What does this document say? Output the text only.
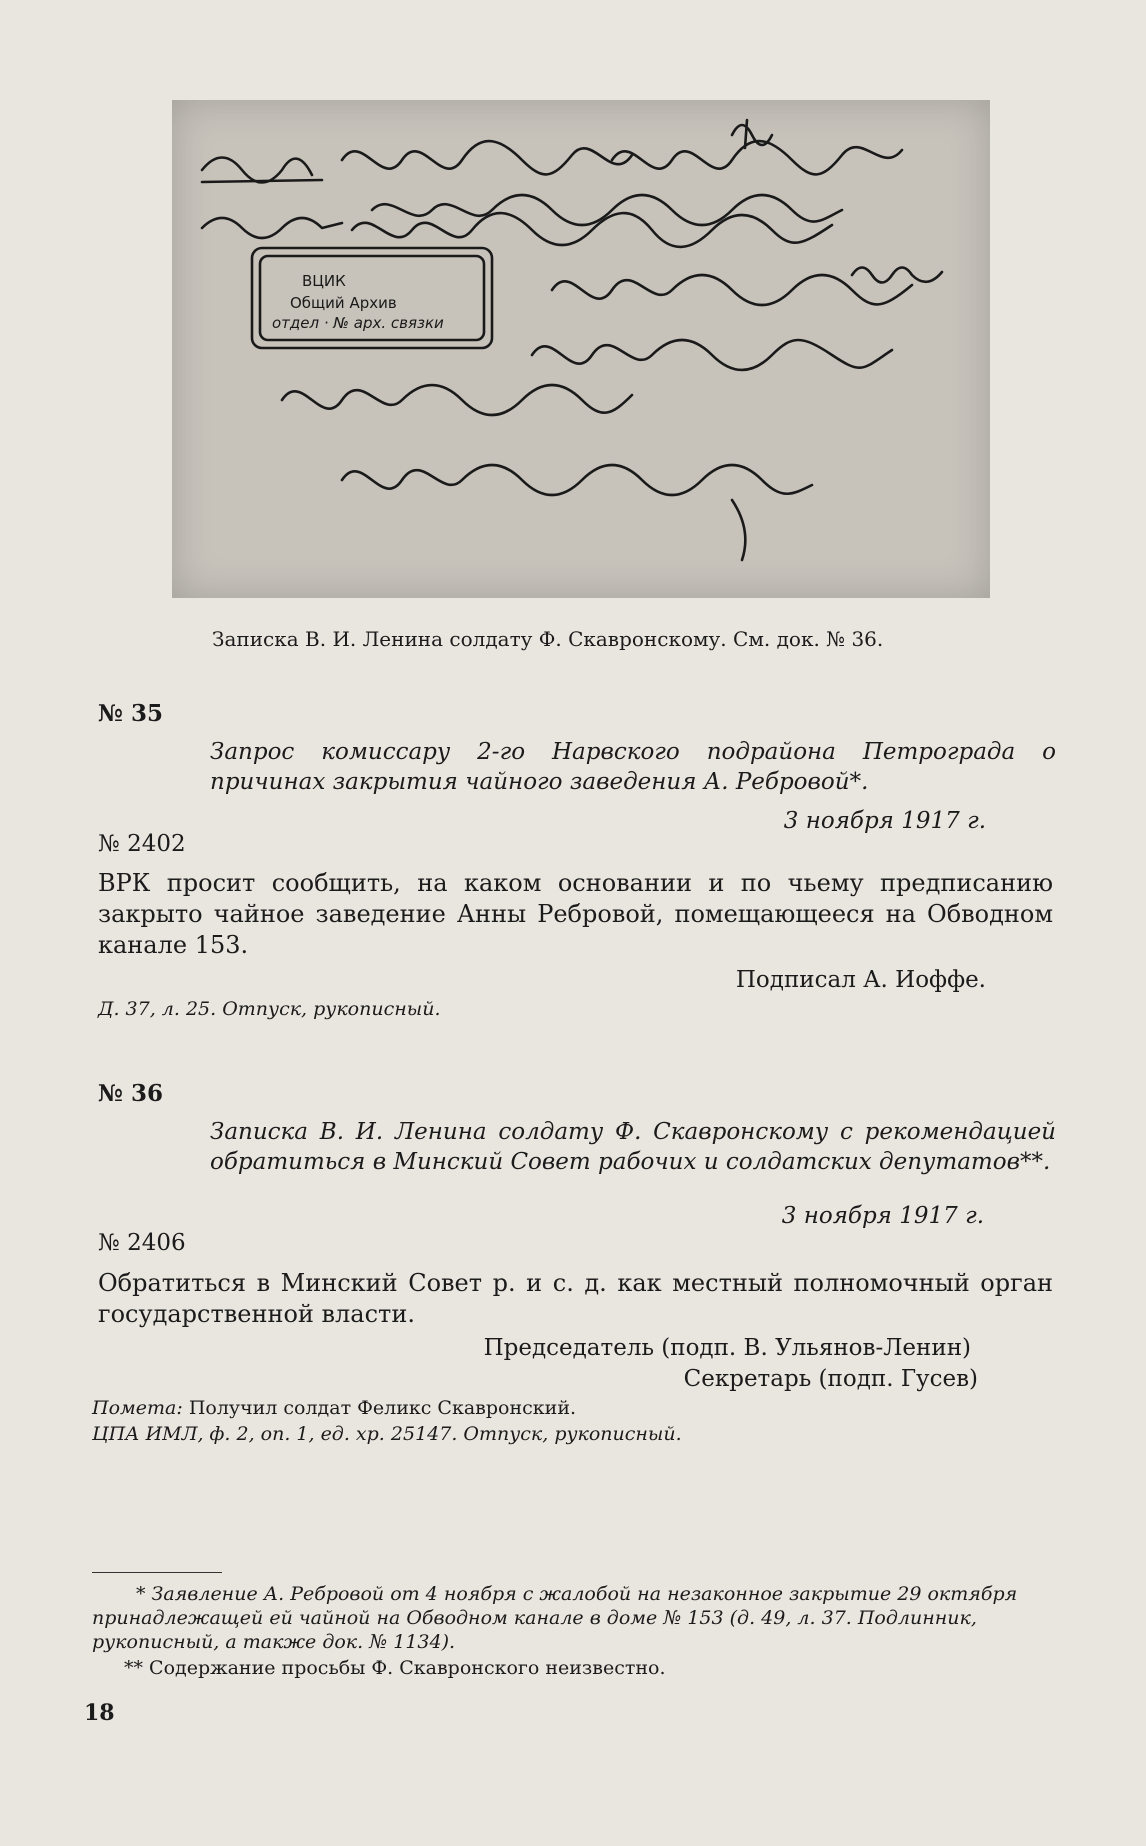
ВЦИК
Общий Архив
отдел · № арх. связки
Записка В. И. Ленина солдату Ф. Скавронскому. См. док. № 36.
№ 35

Запрос комиссару 2-го Нарвского подрайона Петрограда о причинах закрытия чайного заведения А. Ребровой*.

3 ноября 1917 г.
№ 2402

ВРК просит сообщить, на каком основании и по чьему предписанию закрыто чайное заведение Анны Ребровой, помещающееся на Обводном канале 153.

Подписал А. Иоффе.
Д. 37, л. 25. Отпуск, рукописный.
№ 36

Записка В. И. Ленина солдату Ф. Скавронскому с рекомендацией обратиться в Минский Совет рабочих и солдатских депутатов**.

3 ноября 1917 г.
№ 2406

Обратиться в Минский Совет р. и с. д. как местный полномочный орган государственной власти.

Председатель (подп. В. Ульянов-Ленин)
Секретарь (подп. Гусев)
Помета: Получил солдат Феликс Скавронский.
ЦПА ИМЛ, ф. 2, оп. 1, ед. хр. 25147. Отпуск, рукописный.

* Заявление А. Ребровой от 4 ноября с жалобой на незаконное закрытие 29 октября принадлежащей ей чайной на Обводном канале в доме № 153 (д. 49, л. 37. Подлинник, рукописный, а также док. № 1134).

** Содержание просьбы Ф. Скавронского неизвестно.

18
